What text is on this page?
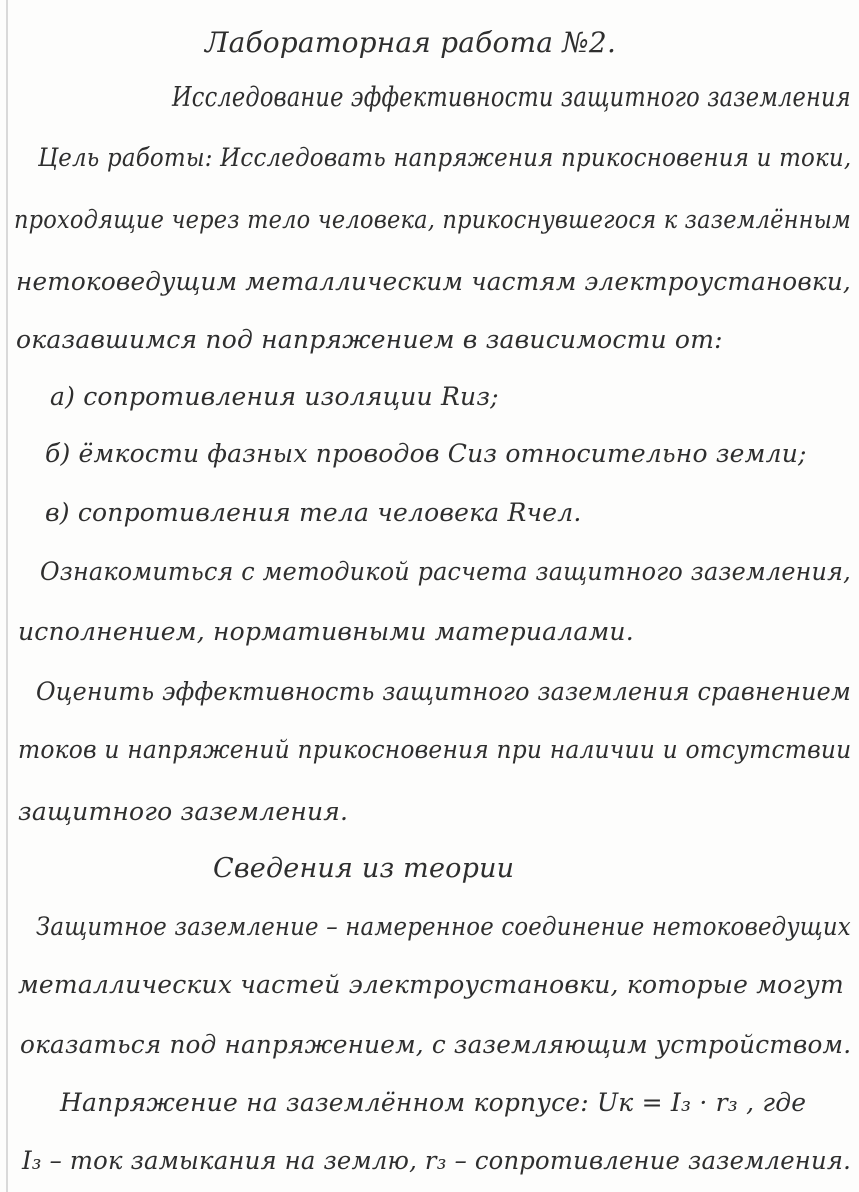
Лабораторная работа №2.
Исследование эффективности защитного заземления
Цель работы: Исследовать напряжения прикосновения и токи,
проходящие через тело человека, прикоснувшегося к заземлённым
нетоковедущим металлическим частям электроустановки,
оказавшимся под напряжением в зависимости от:
а) сопротивления изоляции Rиз;
б) ёмкости фазных проводов Сиз относительно земли;
в) сопротивления тела человека Rчел.
Ознакомиться с методикой расчета защитного заземления,
исполнением, нормативными материалами.
Оценить эффективность защитного заземления сравнением
токов и напряжений прикосновения при наличии и отсутствии
защитного заземления.
Сведения из теории
Защитное заземление – намеренное соединение нетоковедущих
металлических частей электроустановки, которые могут
оказаться под напряжением, с заземляющим устройством.
Напряжение на заземлённом корпусе: Uк = I₃ · r₃ , где
I₃ – ток замыкания на землю, r₃ – сопротивление заземления.
